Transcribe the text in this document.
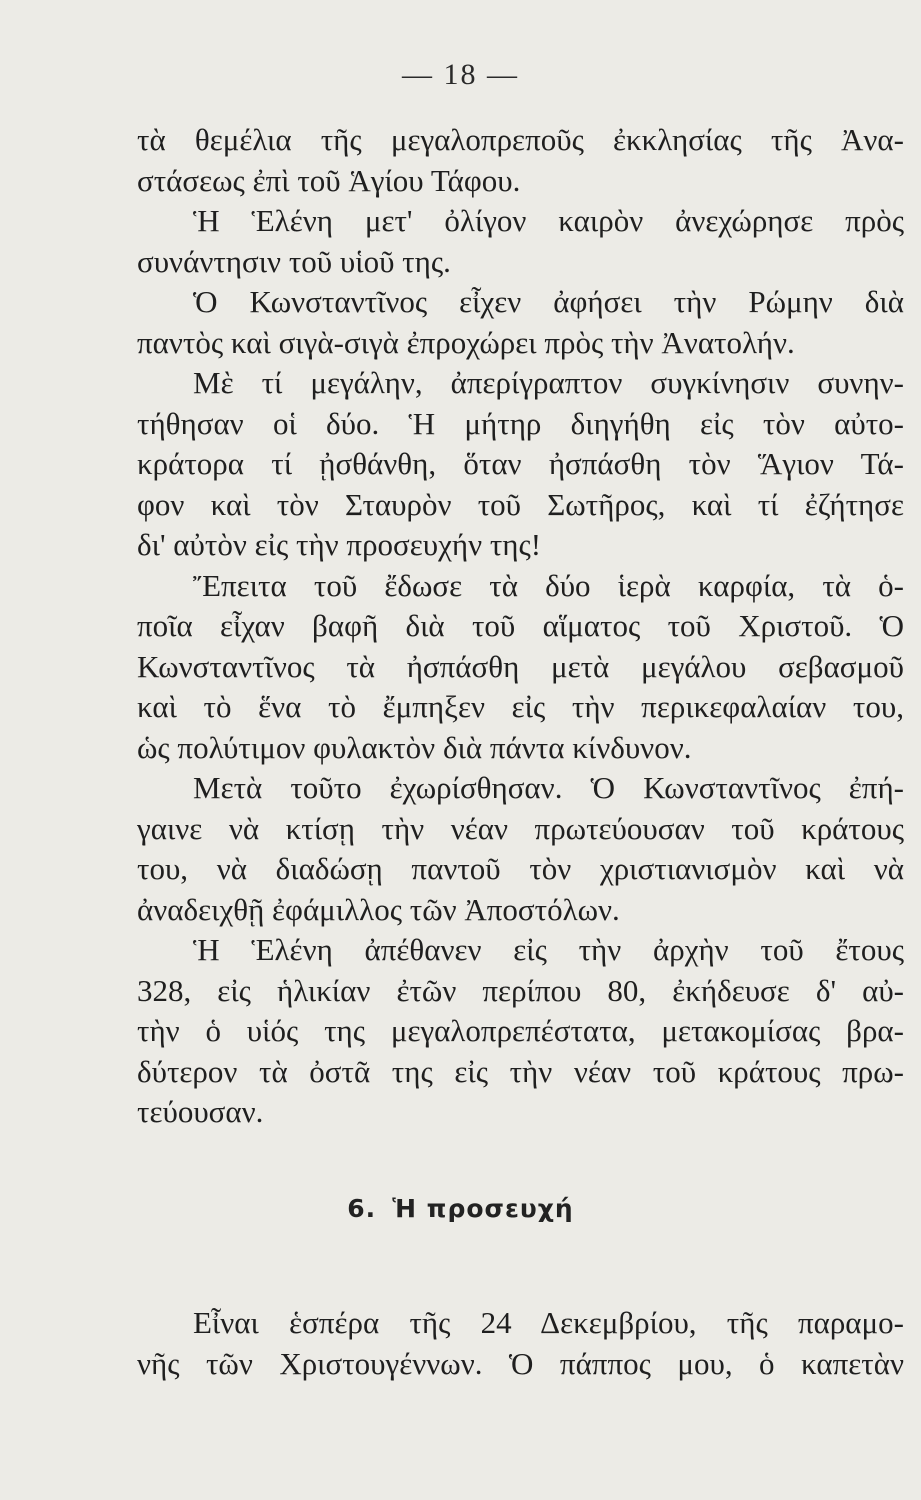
— 18 —
τὰ θεμέλια τῆς μεγαλοπρεποῦς ἐκκλησίας τῆς Ἀνα-
στάσεως ἐπὶ τοῦ Ἁγίου Τάφου.
Ἡ Ἑλένη μετ' ὀλίγον καιρὸν ἀνεχώρησε πρὸς
συνάντησιν τοῦ υἱοῦ της.
Ὁ Κωνσταντῖνος εἶχεν ἀφήσει τὴν Ρώμην διὰ
παντὸς καὶ σιγὰ-σιγὰ ἐπροχώρει πρὸς τὴν Ἀνατολήν.
Μὲ τί μεγάλην, ἀπερίγραπτον συγκίνησιν συνην-
τήθησαν οἱ δύο. Ἡ μήτηρ διηγήθη εἰς τὸν αὐτο-
κράτορα τί ᾐσθάνθη, ὅταν ἠσπάσθη τὸν Ἅγιον Τά-
φον καὶ τὸν Σταυρὸν τοῦ Σωτῆρος, καὶ τί ἐζήτησε
δι' αὐτὸν εἰς τὴν προσευχήν της!
Ἔπειτα τοῦ ἔδωσε τὰ δύο ἱερὰ καρφία, τὰ ὁ-
ποῖα εἶχαν βαφῆ διὰ τοῦ αἵματος τοῦ Χριστοῦ. Ὁ
Κωνσταντῖνος τὰ ἠσπάσθη μετὰ μεγάλου σεβασμοῦ
καὶ τὸ ἕνα τὸ ἔμπηξεν εἰς τὴν περικεφαλαίαν του,
ὡς πολύτιμον φυλακτὸν διὰ πάντα κίνδυνον.
Μετὰ τοῦτο ἐχωρίσθησαν. Ὁ Κωνσταντῖνος ἐπή-
γαινε νὰ κτίσῃ τὴν νέαν πρωτεύουσαν τοῦ κράτους
του, νὰ διαδώσῃ παντοῦ τὸν χριστιανισμὸν καὶ νὰ
ἀναδειχθῇ ἐφάμιλλος τῶν Ἀποστόλων.
Ἡ Ἑλένη ἀπέθανεν εἰς τὴν ἀρχὴν τοῦ ἔτους
328, εἰς ἡλικίαν ἐτῶν περίπου 80, ἐκήδευσε δ' αὐ-
τὴν ὁ υἱός της μεγαλοπρεπέστατα, μετακομίσας βρα-
δύτερον τὰ ὀστᾶ της εἰς τὴν νέαν τοῦ κράτους πρω-
τεύουσαν.
6. Ἡ προσευχή
Εἶναι ἑσπέρα τῆς 24 Δεκεμβρίου, τῆς παραμο-
νῆς τῶν Χριστουγέννων. Ὁ πάππος μου, ὁ καπετὰν
